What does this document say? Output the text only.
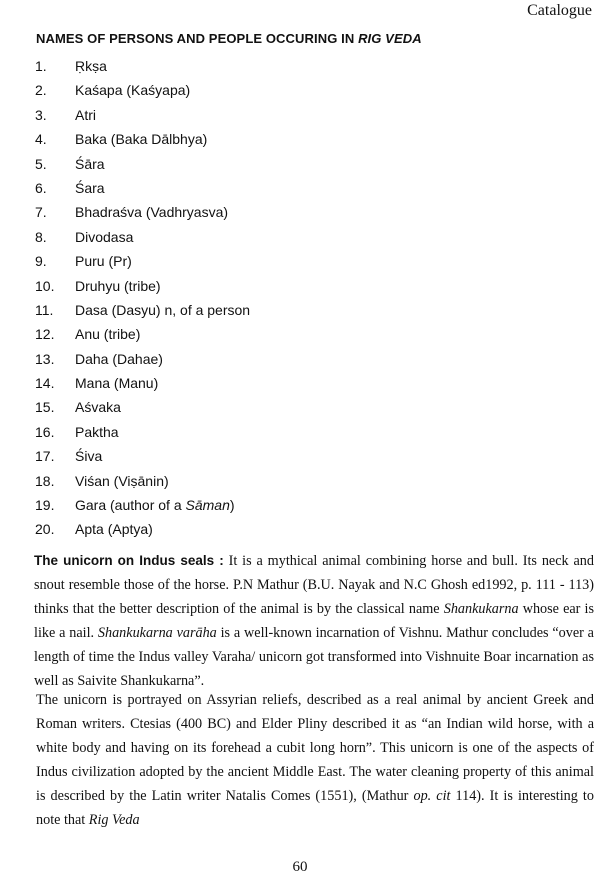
Catalogue
NAMES OF PERSONS AND PEOPLE OCCURING IN RIG VEDA
1.	Ṛkṣa
2.	Kaśapa (Kaśyapa)
3.	Atri
4.	Baka (Baka Dālbhya)
5.	Śāra
6.	Śara
7.	Bhadraśva (Vadhryasva)
8.	Divodasa
9.	Puru (Pr)
10.	Druhyu (tribe)
11.	Dasa (Dasyu) n, of a person
12.	Anu (tribe)
13.	Daha (Dahae)
14.	Mana (Manu)
15.	Aśvaka
16.	Paktha
17.	Śiva
18.	Viśan (Viṣānin)
19.	Gara (author of a Sāman)
20.	Apta (Aptya)

The unicorn on Indus seals : It is a mythical animal combining horse and bull. Its neck and snout resemble those of the horse. P.N Mathur (B.U. Nayak and N.C Ghosh ed1992, p. 111 - 113) thinks that the better description of the animal is by the classical name Shankukarna whose ear is like a nail. Shankukarna varāha is a well-known incarnation of Vishnu. Mathur concludes “over a length of time the Indus valley Varaha/ unicorn got transformed into Vishnuite Boar incarnation as well as Saivite Shankukarna”.

The unicorn is portrayed on Assyrian reliefs, described as a real animal by ancient Greek and Roman writers. Ctesias (400 BC) and Elder Pliny described it as “an Indian wild horse, with a white body and having on its forehead a cubit long horn”. This unicorn is one of the aspects of Indus civilization adopted by the ancient Middle East. The water cleaning property of this animal is described by the Latin writer Natalis Comes (1551), (Mathur op. cit 114). It is interesting to note that Rig Veda

60
